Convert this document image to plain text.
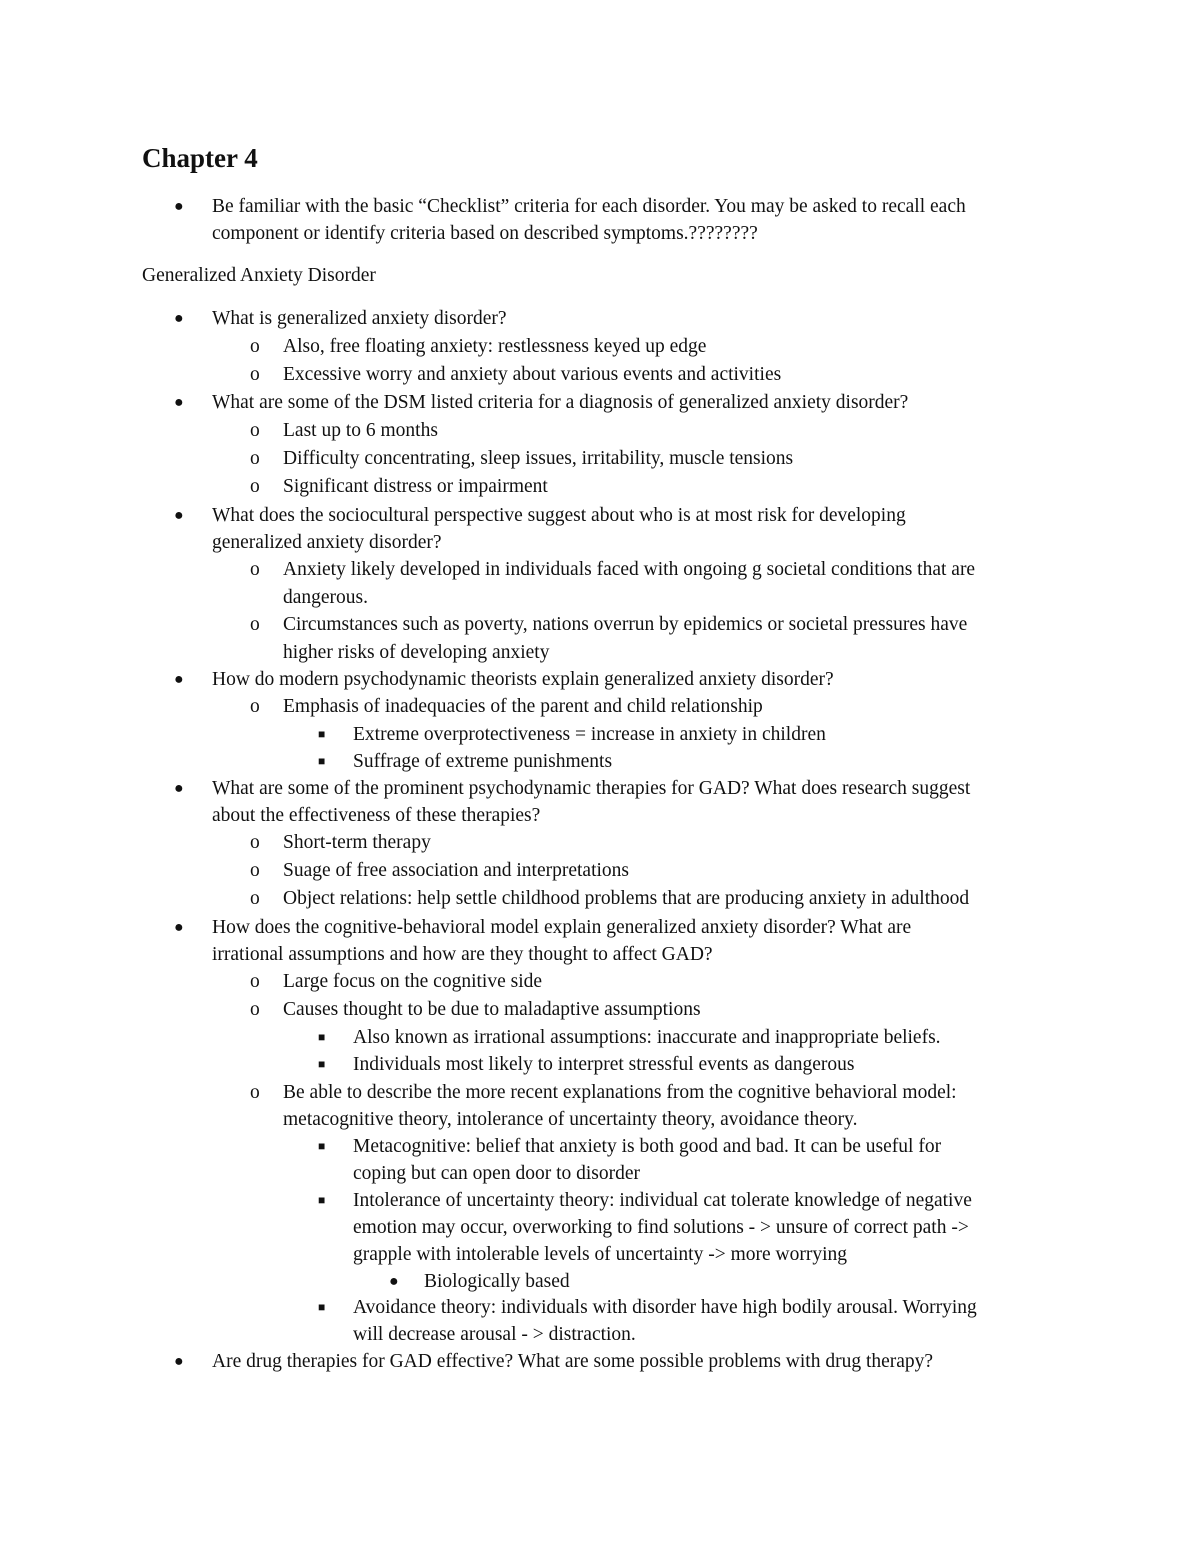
Chapter 4
● Be familiar with the basic “Checklist” criteria for each disorder. You may be asked to recall each
component or identify criteria based on described symptoms.????????
Generalized Anxiety Disorder
● What is generalized anxiety disorder?
o Also, free floating anxiety: restlessness keyed up edge
o Excessive worry and anxiety about various events and activities
● What are some of the DSM listed criteria for a diagnosis of generalized anxiety disorder?
o Last up to 6 months
o Difficulty concentrating, sleep issues, irritability, muscle tensions
o Significant distress or impairment
● What does the sociocultural perspective suggest about who is at most risk for developing
generalized anxiety disorder?
o Anxiety likely developed in individuals faced with ongoing g societal conditions that are
dangerous.
o Circumstances such as poverty, nations overrun by epidemics or societal pressures have
higher risks of developing anxiety
● How do modern psychodynamic theorists explain generalized anxiety disorder?
o Emphasis of inadequacies of the parent and child relationship
■ Extreme overprotectiveness = increase in anxiety in children
■ Suffrage of extreme punishments
● What are some of the prominent psychodynamic therapies for GAD? What does research suggest
about the effectiveness of these therapies?
o Short-term therapy
o Suage of free association and interpretations
o Object relations: help settle childhood problems that are producing anxiety in adulthood
● How does the cognitive-behavioral model explain generalized anxiety disorder? What are
irrational assumptions and how are they thought to affect GAD?
o Large focus on the cognitive side
o Causes thought to be due to maladaptive assumptions
■ Also known as irrational assumptions: inaccurate and inappropriate beliefs.
■ Individuals most likely to interpret stressful events as dangerous
o Be able to describe the more recent explanations from the cognitive behavioral model:
metacognitive theory, intolerance of uncertainty theory, avoidance theory.
■ Metacognitive: belief that anxiety is both good and bad. It can be useful for
coping but can open door to disorder
■ Intolerance of uncertainty theory: individual cat tolerate knowledge of negative
emotion may occur, overworking to find solutions - > unsure of correct path ->
grapple with intolerable levels of uncertainty -> more worrying
● Biologically based
■ Avoidance theory: individuals with disorder have high bodily arousal. Worrying
will decrease arousal - > distraction.
● Are drug therapies for GAD effective? What are some possible problems with drug therapy?
